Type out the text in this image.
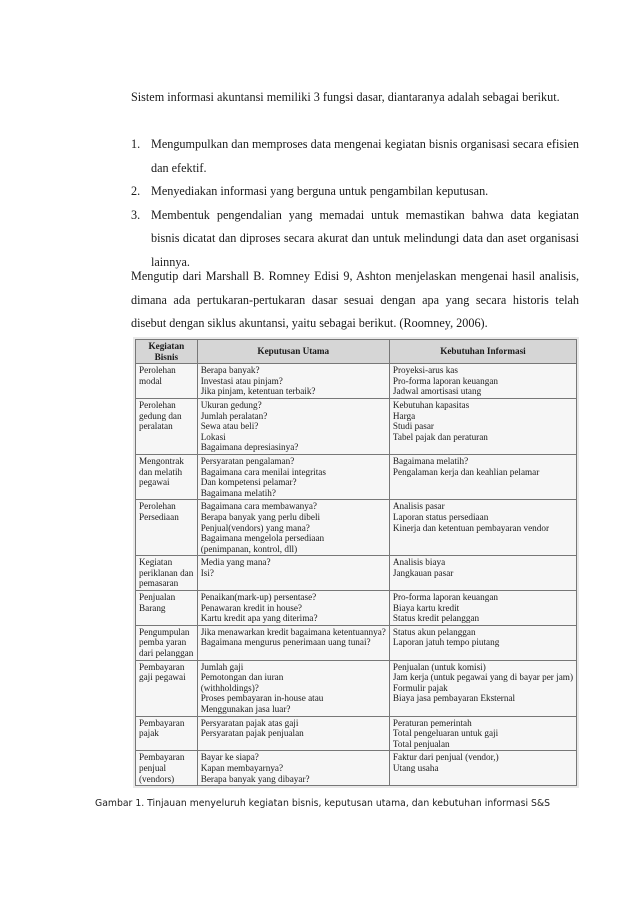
Sistem informasi akuntansi memiliki 3 fungsi dasar, diantaranya adalah sebagai berikut.
1. Mengumpulkan dan memproses data mengenai kegiatan bisnis organisasi secara efisien dan efektif.
2. Menyediakan informasi yang berguna untuk pengambilan keputusan.
3. Membentuk pengendalian yang memadai untuk memastikan bahwa data kegiatan bisnis dicatat dan diproses secara akurat dan untuk melindungi data dan aset organisasi lainnya.
Mengutip dari Marshall B. Romney Edisi 9, Ashton menjelaskan mengenai hasil analisis, dimana ada pertukaran-pertukaran dasar sesuai dengan apa yang secara historis telah disebut dengan siklus akuntansi, yaitu sebagai berikut. (Roomney, 2006).
Kegiatan Bisnis	Keputusan Utama	Kebutuhan Informasi
Perolehan modal	Berapa banyak?
Investasi atau pinjam?
Jika pinjam, ketentuan terbaik?	Proyeksi-arus kas
Pro-forma laporan keuangan
Jadwal amortisasi utang

Perolehan gedung dan peralatan	Ukuran gedung?
Jumlah peralatan?
Sewa atau beli?
Lokasi
Bagaimana depresiasinya?	Kebutuhan kapasitas
Harga
Studi pasar
Tabel pajak dan peraturan

Mengontrak dan melatih pegawai	Persyaratan pengalaman?
Bagaimana cara menilai integritas
Dan kompetensi pelamar?
Bagaimana melatih?	Bagaimana melatih?
Pengalaman kerja dan keahlian pelamar

Perolehan Persediaan	Bagaimana cara membawanya?
Berapa banyak yang perlu dibeli
Penjual(vendors) yang mana?
Bagaimana mengelola persediaan
(penimpanan, kontrol, dll)	Analisis pasar
Laporan status persediaan
Kinerja dan ketentuan pembayaran vendor

Kegiatan periklanan dan pemasaran	Media yang mana?
Isi?	Analisis biaya
Jangkauan pasar

Penjualan Barang	Penaikan(mark-up) persentase?
Penawaran kredit in house?
Kartu kredit apa yang diterima?	Pro-forma laporan keuangan
Biaya kartu kredit
Status kredit pelanggan

Pengumpulan pemba yaran dari pelanggan	Jika menawarkan kredit bagaimana ketentuannya?
Bagaimana mengurus penerimaan uang tunai?	Status akun pelanggan
Laporan jatuh tempo piutang

Pembayaran gaji pegawai	Jumlah gaji
Pemotongan dan iuran
(withholdings)?
Proses pembayaran in-house atau
Menggunakan jasa luar?	Penjualan (untuk komisi)
Jam kerja (untuk pegawai yang di bayar per jam)
Formulir pajak
Biaya jasa pembayaran Eksternal

Pembayaran pajak	Persyaratan pajak atas gaji
Persyaratan pajak penjualan	Peraturan pemerintah
Total pengeluaran untuk gaji
Total penjualan

Pembayaran penjual (vendors)	Bayar ke siapa?
Kapan membayarnya?
Berapa banyak yang dibayar?	Faktur dari penjual (vendor,)
Utang usaha
Gambar 1. Tinjauan menyeluruh kegiatan bisnis, keputusan utama, dan kebutuhan informasi S&S
